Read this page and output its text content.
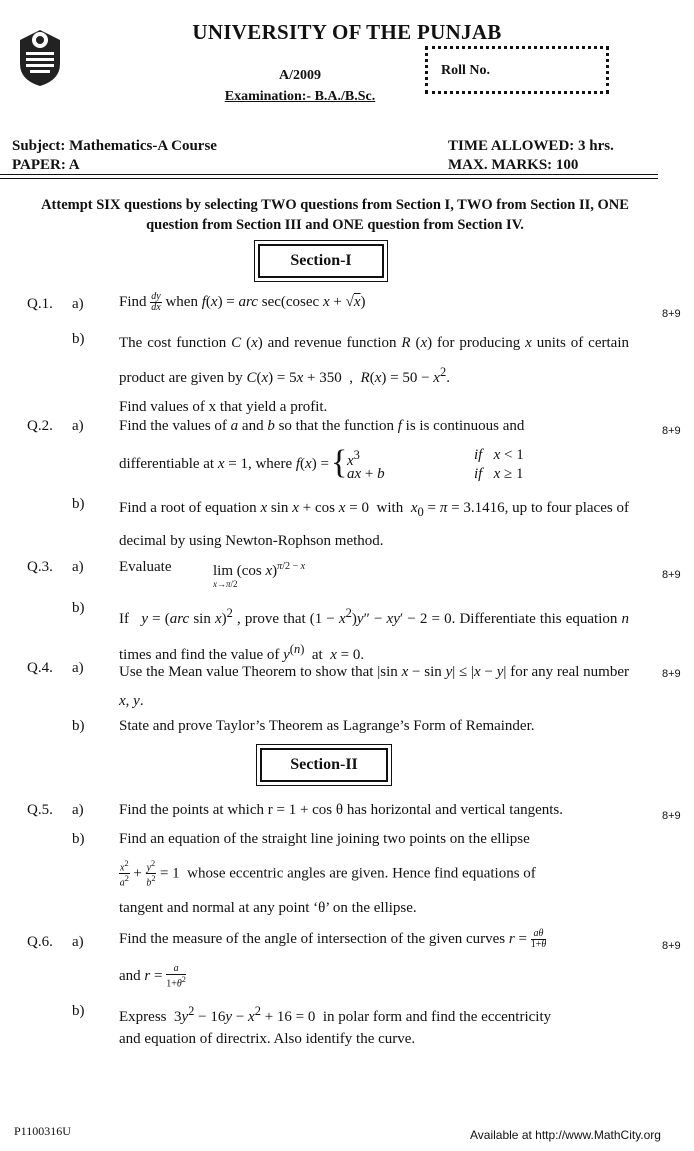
UNIVERSITY OF THE PUNJAB
A/2009
Examination:- B.A./B.Sc.
Roll No.
Subject: Mathematics-A Course
PAPER: A
TIME ALLOWED: 3 hrs.
MAX. MARKS: 100
Attempt SIX questions by selecting TWO questions from Section I, TWO from Section II, ONE question from Section III and ONE question from Section IV.
Section-I
Q.1. a) Find $\frac{dy}{dx}$ when f(x) = arc sec(cosec x + √x)
8+9
b) The cost function C (x) and revenue function R (x) for producing x units of certain product are given by C(x) = 5x + 350  ,  $R(x) = 50 - x^2$.
Find values of x that yield a profit.
Q.2. a) Find the values of a and b so that the function f is is continuous and	8+9
differentiable at x = 1, where f(x) = { $x^3$
ax + b
if x < 1
if x ≥ 1
b) Find a root of equation x sin x + cos x = 0  with  $x_0 = \pi = 3.1416$, up to four places of decimal by using Newton-Rophson method.
Q.3. a) Evaluate	lim (cos x)$^{\pi/2 - x}$
x→π/2
8+9
b)
If   y = (arc sin x)$^2$ , prove that $(1 - x^2)y'' - xy' - 2 = 0$. Differentiate this equation n times and find the value of $y^{(n)}$  at  x = 0.
Q.4. a) Use the Mean value Theorem to show that |sin x − sin y| ≤ |x − y| for any real number x, y.
8+9
b) State and prove Taylor’s Theorem as Lagrange’s Form of Remainder.
Section-II
Q.5. a) Find the points at which r = 1 + cos θ has horizontal and vertical tangents.	8+9
b) Find an equation of the straight line joining two points on the ellipse
$\frac{x^2}{a^2} + \frac{y^2}{b^2} = 1$  whose eccentric angles are given. Hence find equations of
tangent and normal at any point ‘θ’ on the ellipse.
Q.6. a) Find the measure of the angle of intersection of the given curves $r = \frac{a\theta}{1+\theta}$	8+9
and $r = \frac{a}{1+\theta^2}$
b) Express  $3y^2 - 16y - x^2 + 16 = 0$  in polar form and find the eccentricity
and equation of directrix. Also identify the curve.
P1100316U	Available at http://www.MathCity.org
